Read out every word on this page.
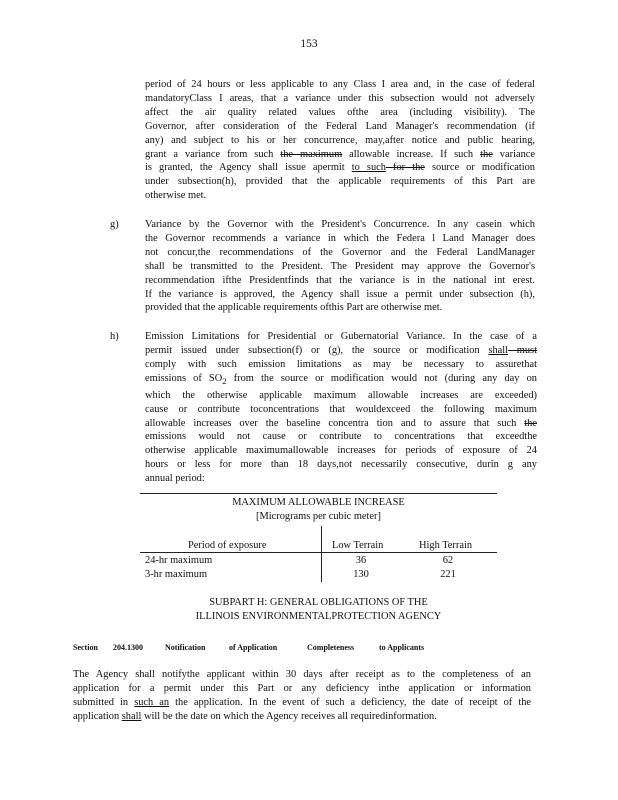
153
period of 24 hours or less applicable to any Class I area and, in the case of federal
mandatoryClass I areas, that a variance under this subsection would not adversely
affect the air quality related values ofthe area (including visibility). The
Governor, after consideration of the Federal Land Manager's recommendation (if
any) and subject to his or her concurrence, may,after notice and public hearing,
grant a variance from such the maximum allowable increase. If such the variance
is granted, the Agency shall issue apermit to such for the source or modification
under subsection(h), provided that the applicable requirements of this Part are
otherwise met.
g)	Variance by the Governor with the President's Concurrence. In any casein which
the Governor recommends a variance in which the Federa l Land Manager does
not concur,the recommendations of the Governor and the Federal LandManager
shall be transmitted to the President. The President may approve the Governor's
recommendation ifthe Presidentfinds that the variance is in the national int erest.
If the variance is approved, the Agency shall issue a permit under subsection (h),
provided that the applicable requirements ofthis Part are otherwise met.
h)	Emission Limitations for Presidential or Gubernatorial Variance. In the case of a
permit issued under subsection(f) or (g), the source or modification shall must
comply with such emission limitations as may be necessary to assurethat
emissions of $SO_2$ from the source or modification would not (during any day on
which the otherwise applicable maximum allowable increases are exceeded)
cause or contribute toconcentrations that wouldexceed the following maximum
allowable increases over the baseline concentra tion and to assure that such the
emissions would not cause or contribute to concentrations that exceedthe
otherwise applicable maximumallowable increases for periods of exposure of 24
hours or less for more than 18 days,not necessarily consecutive, durin g any
annual period:
MAXIMUM ALLOWABLE INCREASE
[Micrograms per cubic meter]
Period of exposure	Low Terrain	High Terrain
24-hr maximum	36	62
3-hr maximum	130	221
SUBPART H: GENERAL OBLIGATIONS OF THE
ILLINOIS ENVIRONMENTALPROTECTION AGENCY
Section 204.1300	Notification	of Application	Completeness	to Applicants
The Agency shall notifythe applicant within 30 days after receipt as to the completeness of an
application for a permit under this Part or any deficiency inthe application or information
submitted in such an the application. In the event of such a deficiency, the date of receipt of the
application shall will be the date on which the Agency receives all requiredinformation.
